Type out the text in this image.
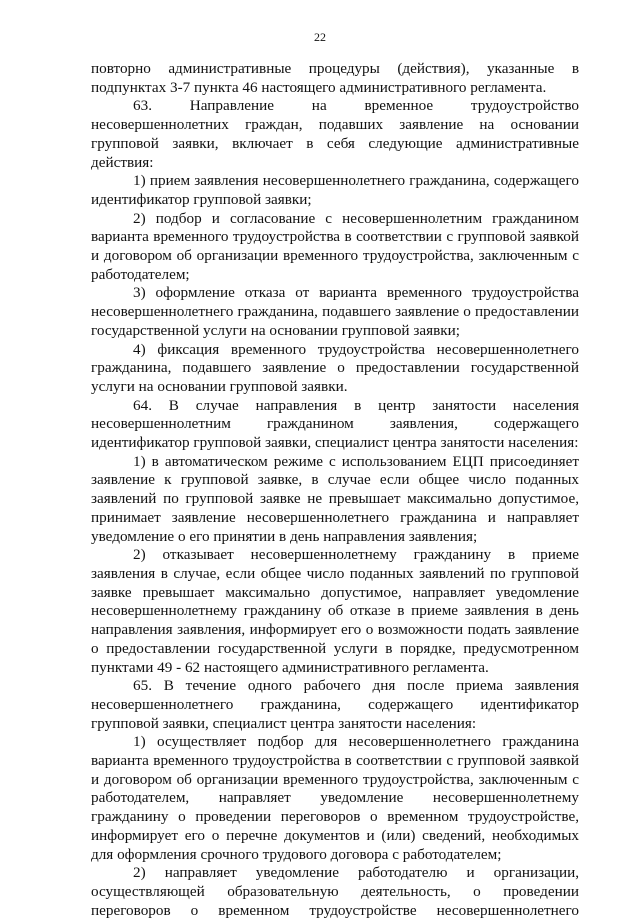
22

повторно административные процедуры (действия), указанные в подпунктах 3-7 пункта 46 настоящего административного регламента.

63. Направление на временное трудоустройство несовершеннолетних граждан, подавших заявление на основании групповой заявки, включает в себя следующие административные действия:

1) прием заявления несовершеннолетнего гражданина, содержащего идентификатор групповой заявки;

2) подбор и согласование с несовершеннолетним гражданином варианта временного трудоустройства в соответствии с групповой заявкой и договором об организации временного трудоустройства, заключенным с работодателем;

3) оформление отказа от варианта временного трудоустройства несовершеннолетнего гражданина, подавшего заявление о предоставлении государственной услуги на основании групповой заявки;

4) фиксация временного трудоустройства несовершеннолетнего гражданина, подавшего заявление о предоставлении государственной услуги на основании групповой заявки.

64. В случае направления в центр занятости населения несовершеннолетним гражданином заявления, содержащего идентификатор групповой заявки, специалист центра занятости населения:

1) в автоматическом режиме с использованием ЕЦП присоединяет заявление к групповой заявке, в случае если общее число поданных заявлений по групповой заявке не превышает максимально допустимое, принимает заявление несовершеннолетнего гражданина и направляет уведомление о его принятии в день направления заявления;

2) отказывает несовершеннолетнему гражданину в приеме заявления в случае, если общее число поданных заявлений по групповой заявке превышает максимально допустимое, направляет уведомление несовершеннолетнему гражданину об отказе в приеме заявления в день направления заявления, информирует его о возможности подать заявление о предоставлении государственной услуги в порядке, предусмотренном пунктами 49 - 62 настоящего административного регламента.

65. В течение одного рабочего дня после приема заявления несовершеннолетнего гражданина, содержащего идентификатор групповой заявки, специалист центра занятости населения:

1) осуществляет подбор для несовершеннолетнего гражданина варианта временного трудоустройства в соответствии с групповой заявкой и договором об организации временного трудоустройства, заключенным с работодателем, направляет уведомление несовершеннолетнему гражданину о проведении переговоров о временном трудоустройстве, информирует его о перечне документов и (или) сведений, необходимых для оформления срочного трудового договора с работодателем;

2) направляет уведомление работодателю и организации, осуществляющей образовательную деятельность, о проведении переговоров о временном трудоустройстве несовершеннолетнего
